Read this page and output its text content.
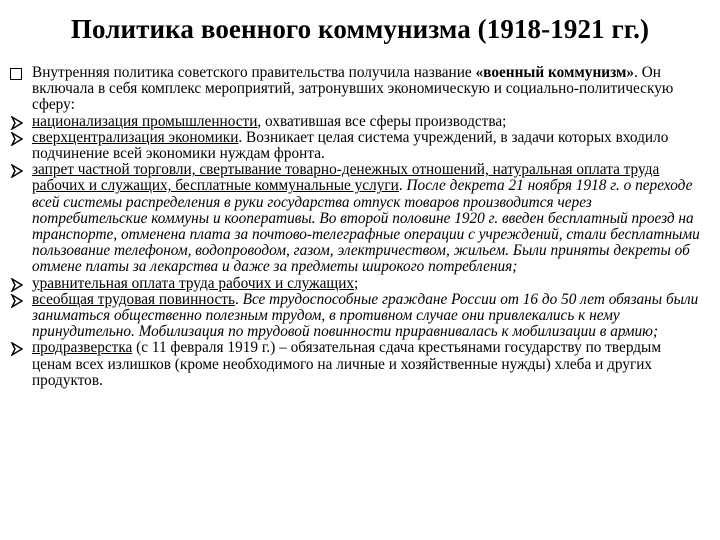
Политика военного коммунизма (1918-1921 гг.)
Внутренняя политика советского правительства получила название «военный коммунизм». Он включала в себя комплекс мероприятий, затронувших экономическую и социально-политическую сферу:
национализация промышленности, охватившая все сферы производства;
сверхцентрализация экономики. Возникает целая система учреждений, в задачи которых входило подчинение всей экономики нуждам фронта.
запрет частной торговли, свертывание товарно-денежных отношений, натуральная оплата труда рабочих и служащих, бесплатные коммунальные услуги. После декрета 21 ноября 1918 г. о переходе всей системы распределения в руки государства отпуск товаров производится через потребительские коммуны и кооперативы. Во второй половине 1920 г. введен бесплатный проезд на транспорте, отменена плата за почтово-телеграфные операции с учреждений, стали бесплатными пользование телефоном, водопроводом, газом, электричеством, жильем. Были приняты декреты об отмене платы за лекарства и даже за предметы широкого потребления;
уравнительная оплата труда рабочих и служащих;
всеобщая трудовая повинность. Все трудоспособные граждане России от 16 до 50 лет обязаны были заниматься общественно полезным трудом, в противном случае они привлекались к нему принудительно. Мобилизация по трудовой повинности приравнивалась к мобилизации в армию;
продразверстка (с 11 февраля 1919 г.) – обязательная сдача крестьянами государству по твердым ценам всех излишков (кроме необходимого на личные и хозяйственные нужды) хлеба и других продуктов.
